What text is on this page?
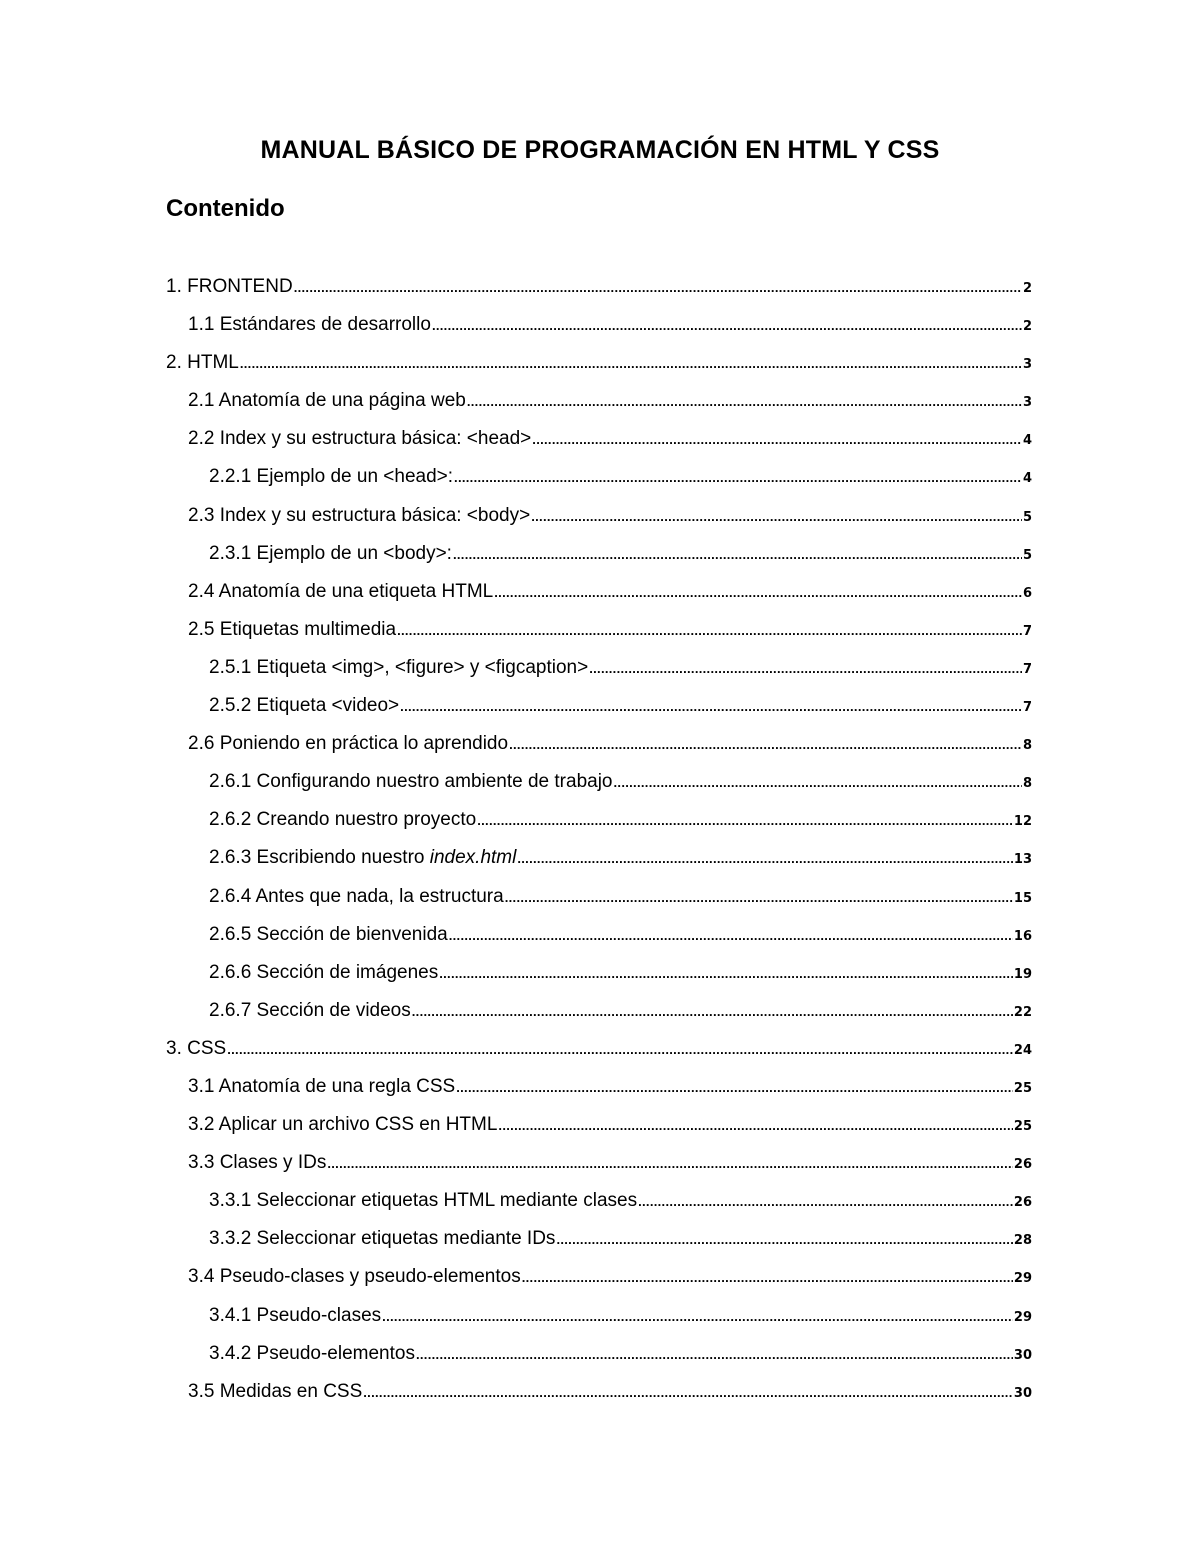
MANUAL BÁSICO DE PROGRAMACIÓN EN HTML Y CSS
Contenido
1. FRONTEND .....	2
1.1 Estándares de desarrollo .....	2
2. HTML .....	3
2.1 Anatomía de una página web .....	3
2.2 Index y su estructura básica: <head> .....	4
2.2.1 Ejemplo de un <head>: .....	4
2.3 Index y su estructura básica: <body> .....	5
2.3.1 Ejemplo de un <body>: .....	5
2.4 Anatomía de una etiqueta HTML .....	6
2.5 Etiquetas multimedia .....	7
2.5.1 Etiqueta <img>, <figure> y <figcaption> .....	7
2.5.2 Etiqueta <video> .....	7
2.6 Poniendo en práctica lo aprendido .....	8
2.6.1 Configurando nuestro ambiente de trabajo .....	8
2.6.2 Creando nuestro proyecto .....	12
2.6.3 Escribiendo nuestro index.html .....	13
2.6.4 Antes que nada, la estructura .....	15
2.6.5 Sección de bienvenida .....	16
2.6.6 Sección de imágenes .....	19
2.6.7 Sección de videos .....	22
3. CSS .....	24
3.1 Anatomía de una regla CSS .....	25
3.2 Aplicar un archivo CSS en HTML .....	25
3.3 Clases y IDs .....	26
3.3.1 Seleccionar etiquetas HTML mediante clases .....	26
3.3.2 Seleccionar etiquetas mediante IDs .....	28
3.4 Pseudo-clases y pseudo-elementos .....	29
3.4.1 Pseudo-clases .....	29
3.4.2 Pseudo-elementos .....	30
3.5 Medidas en CSS .....	30
